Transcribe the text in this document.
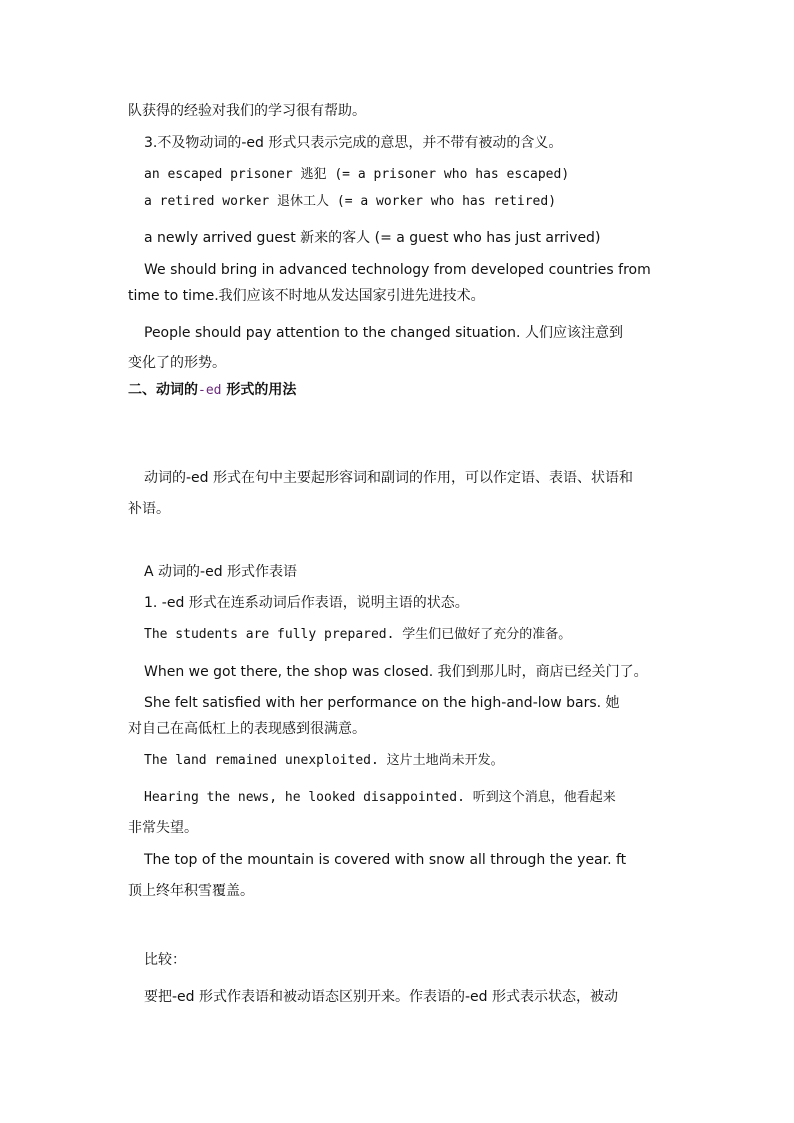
队获得的经验对我们的学习很有帮助。
3.不及物动词的-ed 形式只表示完成的意思，并不带有被动的含义。
an escaped prisoner 逃犯 (= a prisoner who has escaped)
a retired worker 退休工人 (= a worker who has retired)
a newly arrived guest 新来的客人 (= a guest who has just arrived)
We should bring in advanced technology from developed countries from
time to time.我们应该不时地从发达国家引进先进技术。
People should pay attention to the changed situation. 人们应该注意到
变化了的形势。
二、动词的-ed 形式的用法
动词的-ed 形式在句中主要起形容词和副词的作用，可以作定语、表语、状语和
补语。
A 动词的-ed 形式作表语
1. -ed 形式在连系动词后作表语，说明主语的状态。
The students are fully prepared. 学生们已做好了充分的准备。
When we got there, the shop was closed. 我们到那儿时，商店已经关门了。
She felt satisfied with her performance on the high-and-low bars. 她
对自己在高低杠上的表现感到很满意。
The land remained unexploited. 这片土地尚未开发。
Hearing the news, he looked disappointed. 听到这个消息，他看起来
非常失望。
The top of the mountain is covered with snow all through the year. ft
顶上终年积雪覆盖。
比较：
要把-ed 形式作表语和被动语态区别开来。作表语的-ed 形式表示状态，被动
